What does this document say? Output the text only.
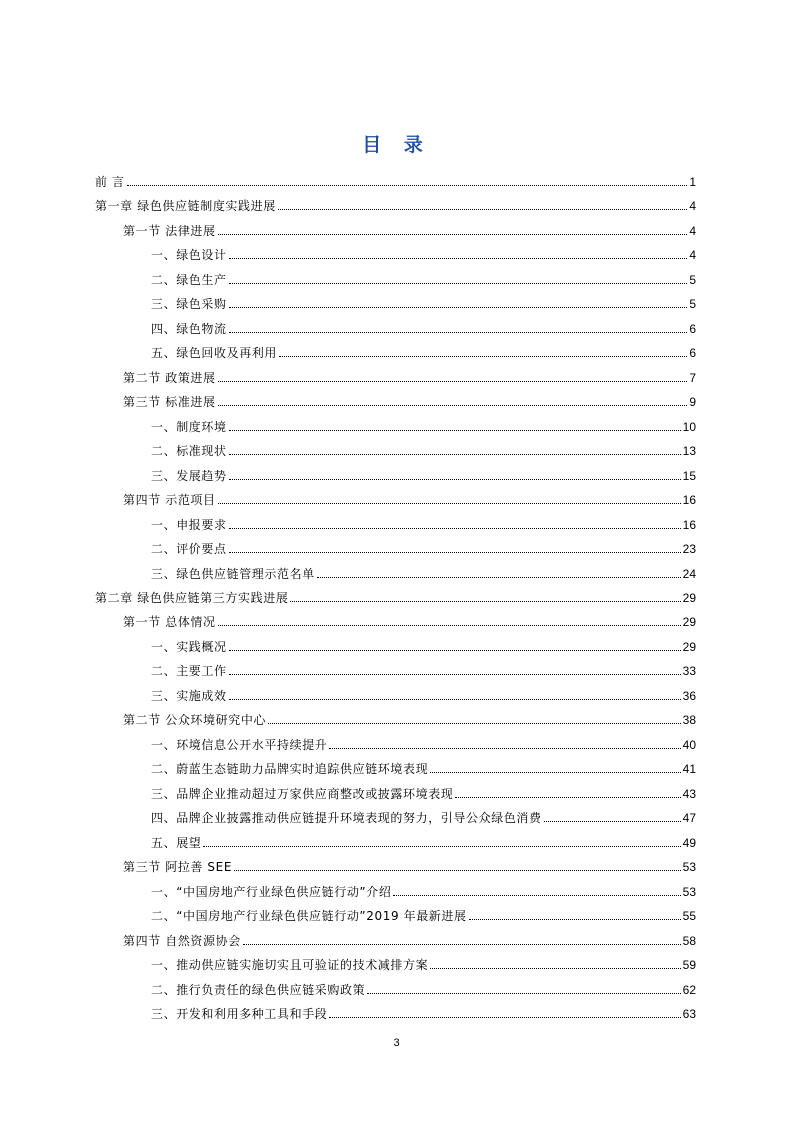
目 录
前 言	1
第一章 绿色供应链制度实践进展	4
第一节 法律进展	4
一、绿色设计	4
二、绿色生产	5
三、绿色采购	5
四、绿色物流	6
五、绿色回收及再利用	6
第二节 政策进展	7
第三节 标准进展	9
一、制度环境	10
二、标准现状	13
三、发展趋势	15
第四节 示范项目	16
一、申报要求	16
二、评价要点	23
三、绿色供应链管理示范名单	24
第二章 绿色供应链第三方实践进展	29
第一节 总体情况	29
一、实践概况	29
二、主要工作	33
三、实施成效	36
第二节 公众环境研究中心	38
一、环境信息公开水平持续提升	40
二、蔚蓝生态链助力品牌实时追踪供应链环境表现	41
三、品牌企业推动超过万家供应商整改或披露环境表现	43
四、品牌企业披露推动供应链提升环境表现的努力，引导公众绿色消费	47
五、展望	49
第三节 阿拉善 SEE	53
一、“中国房地产行业绿色供应链行动”介绍	53
二、“中国房地产行业绿色供应链行动”2019 年最新进展	55
第四节 自然资源协会	58
一、推动供应链实施切实且可验证的技术减排方案	59
二、推行负责任的绿色供应链采购政策	62
三、开发和利用多种工具和手段	63
3
